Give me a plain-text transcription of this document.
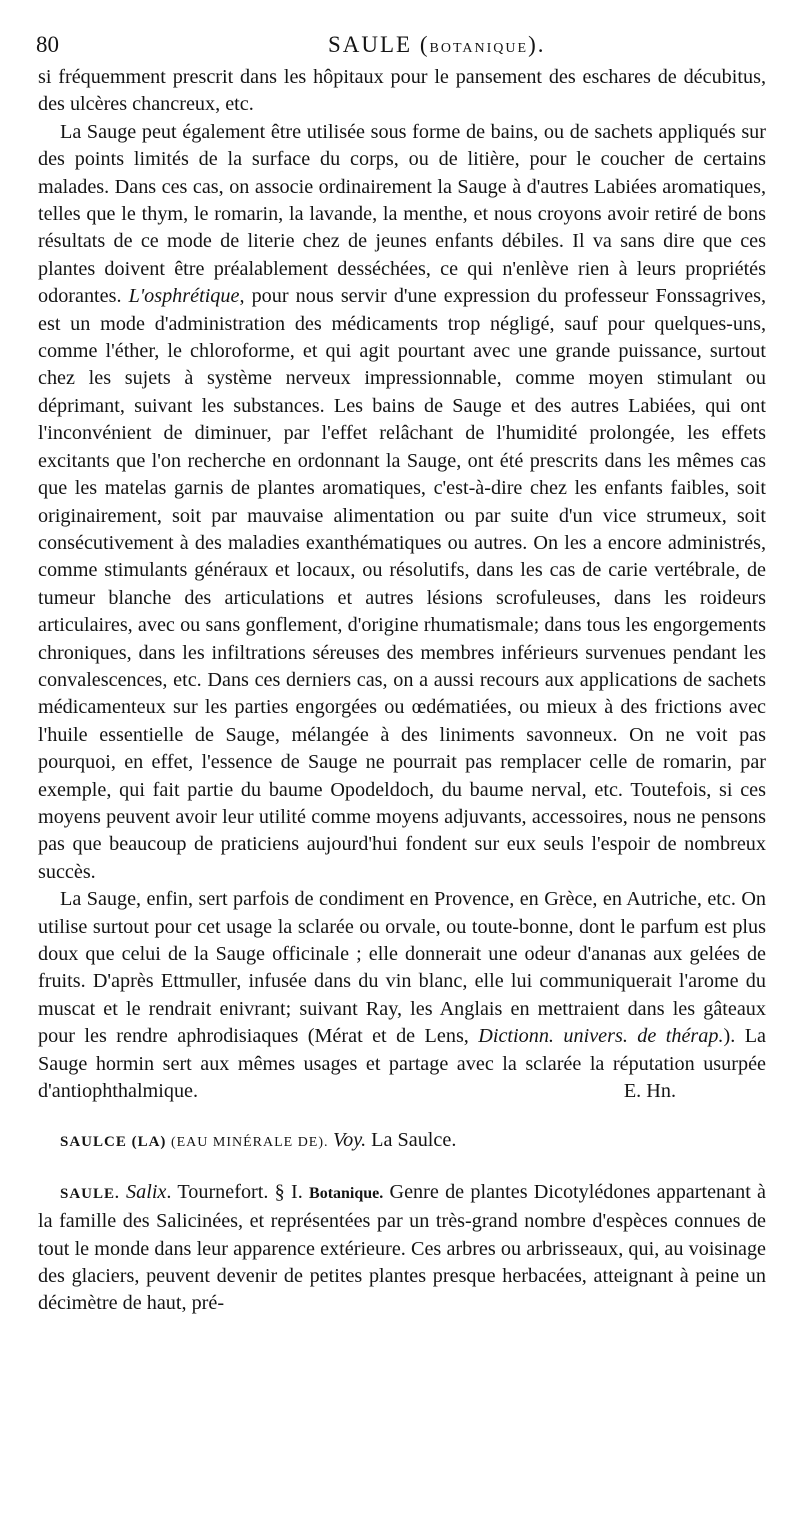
80	SAULE (BOTANIQUE).

si fréquemment prescrit dans les hôpitaux pour le pansement des eschares de décubitus, des ulcères chancreux, etc.

La Sauge peut également être utilisée sous forme de bains, ou de sachets appliqués sur des points limités de la surface du corps, ou de litière, pour le coucher de certains malades. Dans ces cas, on associe ordinairement la Sauge à d'autres Labiées aromatiques, telles que le thym, le romarin, la lavande, la menthe, et nous croyons avoir retiré de bons résultats de ce mode de literie chez de jeunes enfants débiles. Il va sans dire que ces plantes doivent être préalablement desséchées, ce qui n'enlève rien à leurs propriétés odorantes. L'osphrétique, pour nous servir d'une expression du professeur Fonssagrives, est un mode d'administration des médicaments trop négligé, sauf pour quelques-uns, comme l'éther, le chloroforme, et qui agit pourtant avec une grande puissance, surtout chez les sujets à système nerveux impressionnable, comme moyen stimulant ou déprimant, suivant les substances. Les bains de Sauge et des autres Labiées, qui ont l'inconvénient de diminuer, par l'effet relâchant de l'humidité prolongée, les effets excitants que l'on recherche en ordonnant la Sauge, ont été prescrits dans les mêmes cas que les matelas garnis de plantes aromatiques, c'est-à-dire chez les enfants faibles, soit originairement, soit par mauvaise alimentation ou par suite d'un vice strumeux, soit consécutivement à des maladies exanthématiques ou autres. On les a encore administrés, comme stimulants généraux et locaux, ou résolutifs, dans les cas de carie vertébrale, de tumeur blanche des articulations et autres lésions scrofuleuses, dans les roideurs articulaires, avec ou sans gonflement, d'origine rhumatismale; dans tous les engorgements chroniques, dans les infiltrations séreuses des membres inférieurs survenues pendant les convalescences, etc. Dans ces derniers cas, on a aussi recours aux applications de sachets médicamenteux sur les parties engorgées ou œdématiées, ou mieux à des frictions avec l'huile essentielle de Sauge, mélangée à des liniments savonneux. On ne voit pas pourquoi, en effet, l'essence de Sauge ne pourrait pas remplacer celle de romarin, par exemple, qui fait partie du baume Opodeldoch, du baume nerval, etc. Toutefois, si ces moyens peuvent avoir leur utilité comme moyens adjuvants, accessoires, nous ne pensons pas que beaucoup de praticiens aujourd'hui fondent sur eux seuls l'espoir de nombreux succès.

La Sauge, enfin, sert parfois de condiment en Provence, en Grèce, en Autriche, etc. On utilise surtout pour cet usage la sclarée ou orvale, ou toute-bonne, dont le parfum est plus doux que celui de la Sauge officinale ; elle donnerait une odeur d'ananas aux gelées de fruits. D'après Ettmuller, infusée dans du vin blanc, elle lui communiquerait l'arome du muscat et le rendrait enivrant; suivant Ray, les Anglais en mettraient dans les gâteaux pour les rendre aphrodisiaques (Mérat et de Lens, Dictionn. univers. de thérap.). La Sauge hormin sert aux mêmes usages et partage avec la sclarée la réputation usurpée d'antiophthalmique.	E. Hn.

SAULCE (LA) (EAU MINÉRALE DE). Voy. La Saulce.

SAULE. Salix. Tournefort. § I. Botanique. Genre de plantes Dicotylédones appartenant à la famille des Salicinées, et représentées par un très-grand nombre d'espèces connues de tout le monde dans leur apparence extérieure. Ces arbres ou arbrisseaux, qui, au voisinage des glaciers, peuvent devenir de petites plantes presque herbacées, atteignant à peine un décimètre de haut, pré-
